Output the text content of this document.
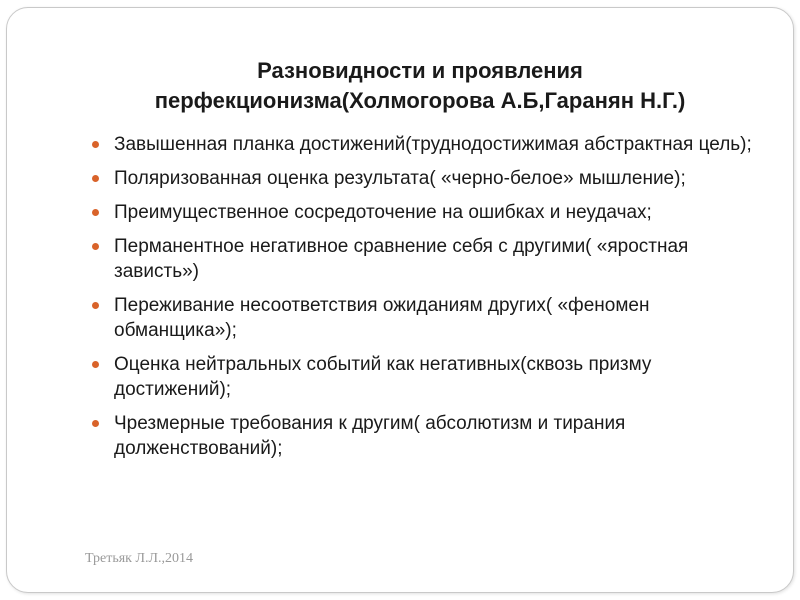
Разновидности и проявления
перфекционизма(Холмогорова А.Б,Гаранян Н.Г.)
Завышенная планка достижений(труднодостижимая абстрактная цель);
Поляризованная оценка результата( «черно-белое» мышление);
Преимущественное сосредоточение на ошибках и неудачах;
Перманентное негативное сравнение себя с другими( «яростная зависть»)
Переживание несоответствия ожиданиям других( «феномен обманщика»);
Оценка нейтральных событий как негативных(сквозь призму достижений);
Чрезмерные требования к другим( абсолютизм и тирания долженствований);
Третьяк Л.Л.,2014
